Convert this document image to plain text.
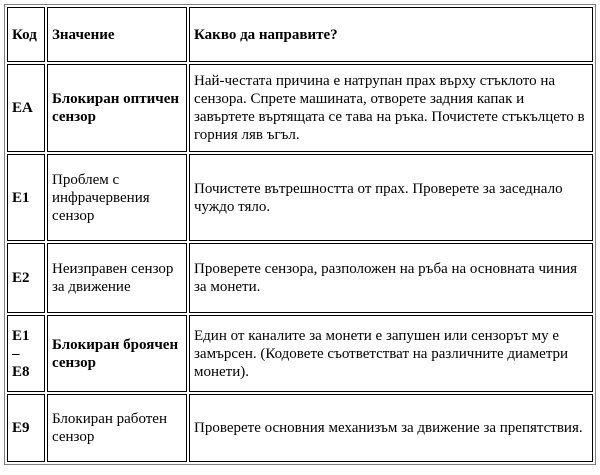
Код	Значение	Какво да направите?
EA	Блокиран оптичен сензор	Най-честата причина е натрупан прах върху стъклото на сензора. Спрете машината, отворете задния капак и завъртете въртящата се тава на ръка. Почистете стъкълцето в горния ляв ъгъл.
E1	Проблем с инфрачервения сензор	Почистете вътрешността от прах. Проверете за заседнало чуждо тяло.
E2	Неизправен сензор за движение	Проверете сензора, разположен на ръба на основната чиния за монети.
E1 – E8	Блокиран броячен сензор	Един от каналите за монети е запушен или сензорът му е замърсен. (Кодовете съответстват на различните диаметри монети).
E9	Блокиран работен сензор	Проверете основния механизъм за движение за препятствия.
